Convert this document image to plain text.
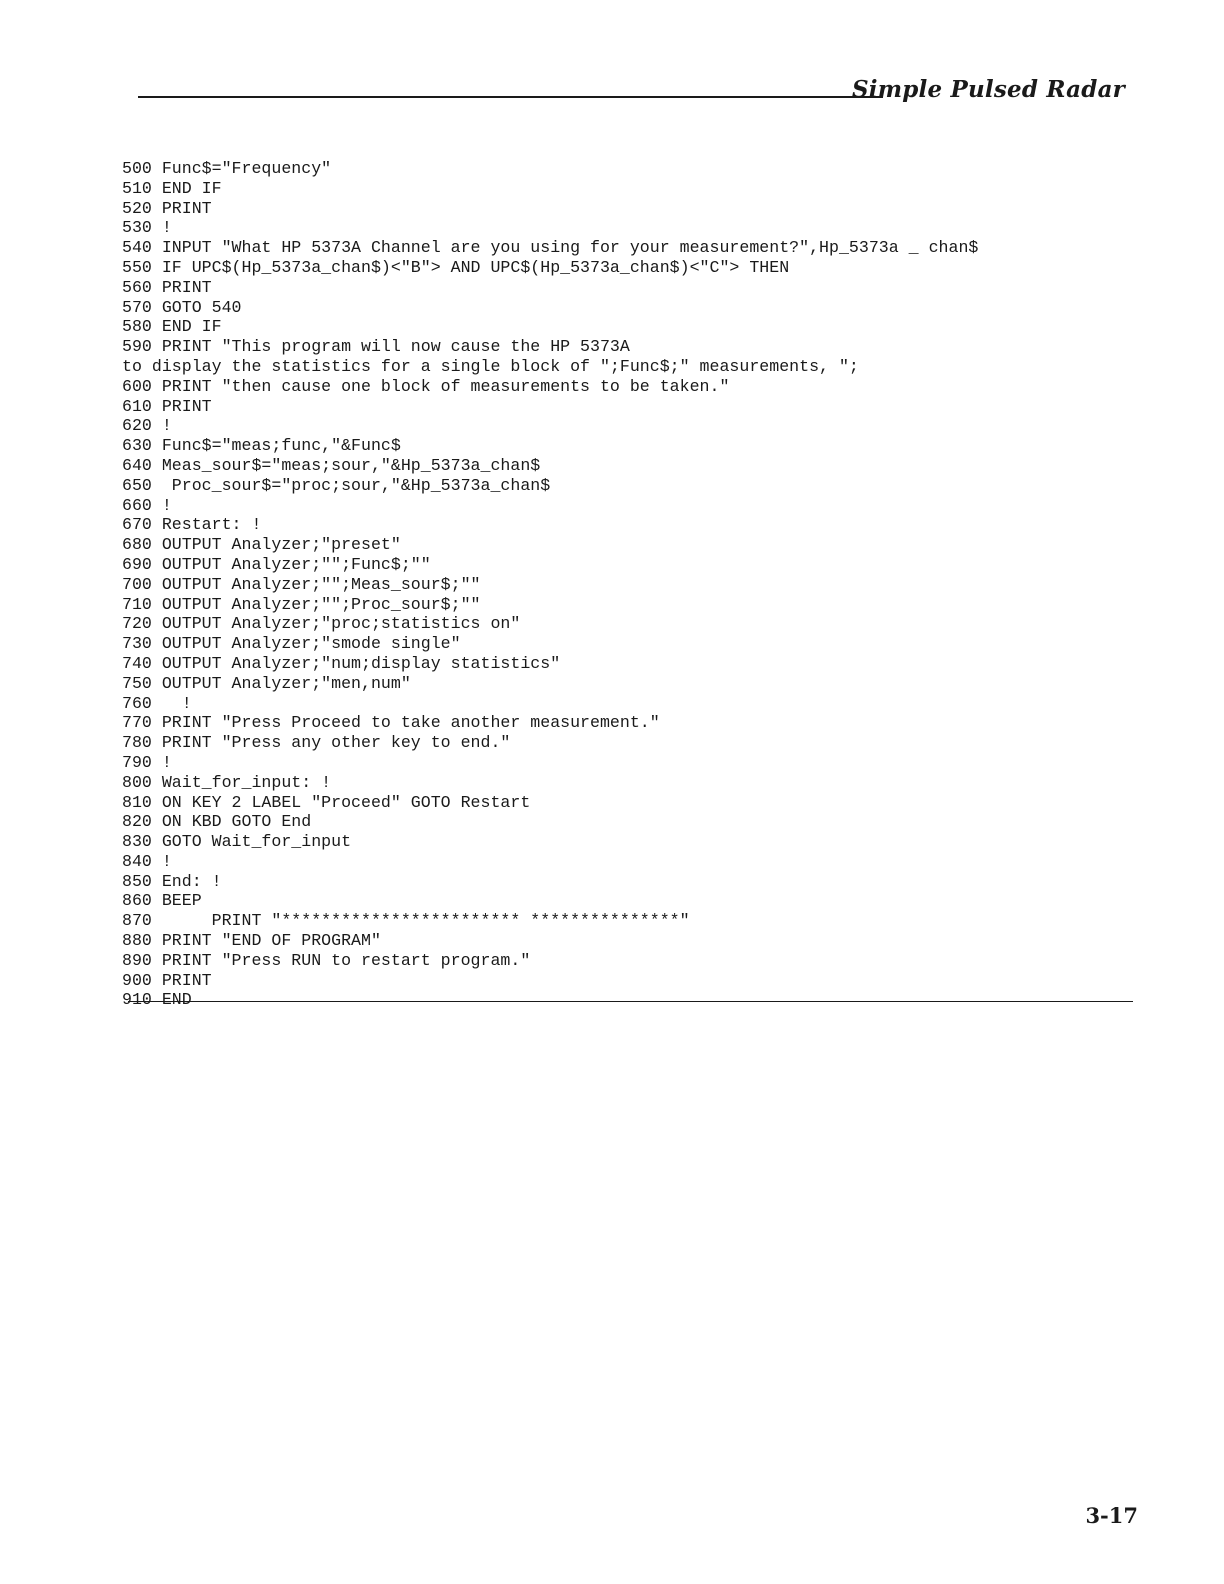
Simple Pulsed Radar
500 Func$="Frequency"
510 END IF
520 PRINT
530 !
540 INPUT "What HP 5373A Channel are you using for your measurement?",Hp_5373a _ chan$
550 IF UPC$(Hp_5373a_chan$)<"B"> AND UPC$(Hp_5373a_chan$)<"C"> THEN
560 PRINT
570 GOTO 540
580 END IF
590 PRINT "This program will now cause the HP 5373A
to display the statistics for a single block of ";Func$;" measurements, ";
600 PRINT "then cause one block of measurements to be taken."
610 PRINT
620 !
630 Func$="meas;func,"&Func$
640 Meas_sour$="meas;sour,"&Hp_5373a_chan$
650  Proc_sour$="proc;sour,"&Hp_5373a_chan$
660 !
670 Restart: !
680 OUTPUT Analyzer;"preset"
690 OUTPUT Analyzer;"";Func$;""
700 OUTPUT Analyzer;"";Meas_sour$;""
710 OUTPUT Analyzer;"";Proc_sour$;""
720 OUTPUT Analyzer;"proc;statistics on"
730 OUTPUT Analyzer;"smode single"
740 OUTPUT Analyzer;"num;display statistics"
750 OUTPUT Analyzer;"men,num"
760   !
770 PRINT "Press Proceed to take another measurement."
780 PRINT "Press any other key to end."
790 !
800 Wait_for_input: !
810 ON KEY 2 LABEL "Proceed" GOTO Restart
820 ON KBD GOTO End
830 GOTO Wait_for_input
840 !
850 End: !
860 BEEP
870      PRINT "************************ ***************"
880 PRINT "END OF PROGRAM"
890 PRINT "Press RUN to restart program."
900 PRINT
910 END
3-17
